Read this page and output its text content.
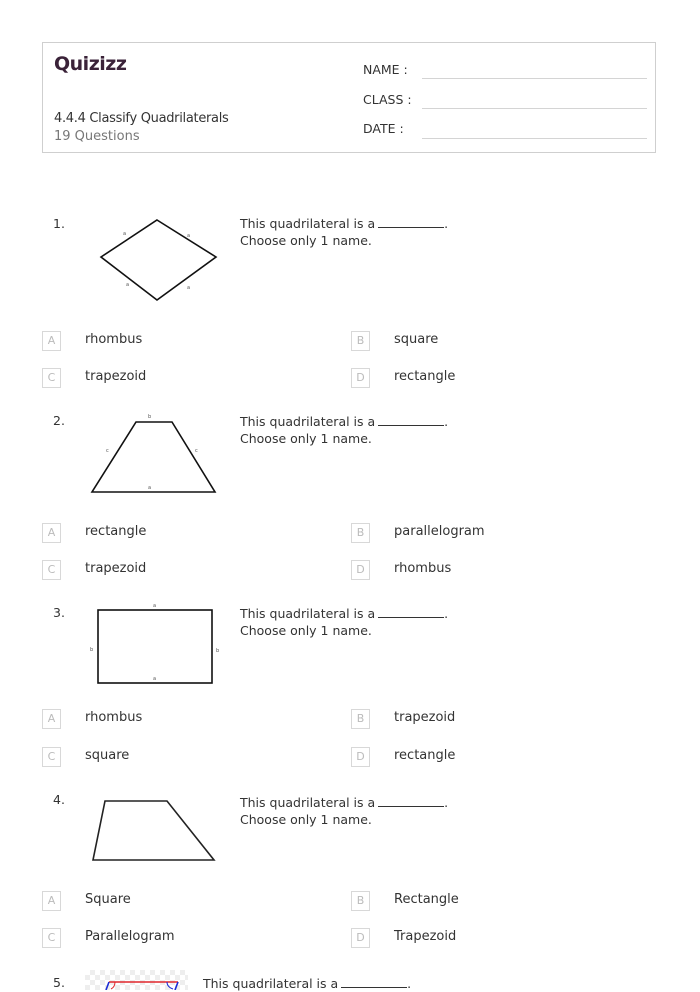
Quizizz
4.4.4 Classify Quadrilaterals
19 Questions
NAME :
CLASS :
DATE :
1.
a	a
a	a
This quadrilateral is a	.
Choose only 1 name.
A	rhombus	B	square
C	trapezoid	D	rectangle
2.	b
c	c
a
This quadrilateral is a	.
Choose only 1 name.
A	rectangle	B	parallelogram
C	trapezoid	D	rhombus
3.	a
b	b
a
This quadrilateral is a	.
Choose only 1 name.
A	rhombus	B	trapezoid
C	square	D	rectangle
4.	This quadrilateral is a	.
Choose only 1 name.
A	Square	B	Rectangle
C	Parallelogram	D	Trapezoid
5.	This quadrilateral is a	.
